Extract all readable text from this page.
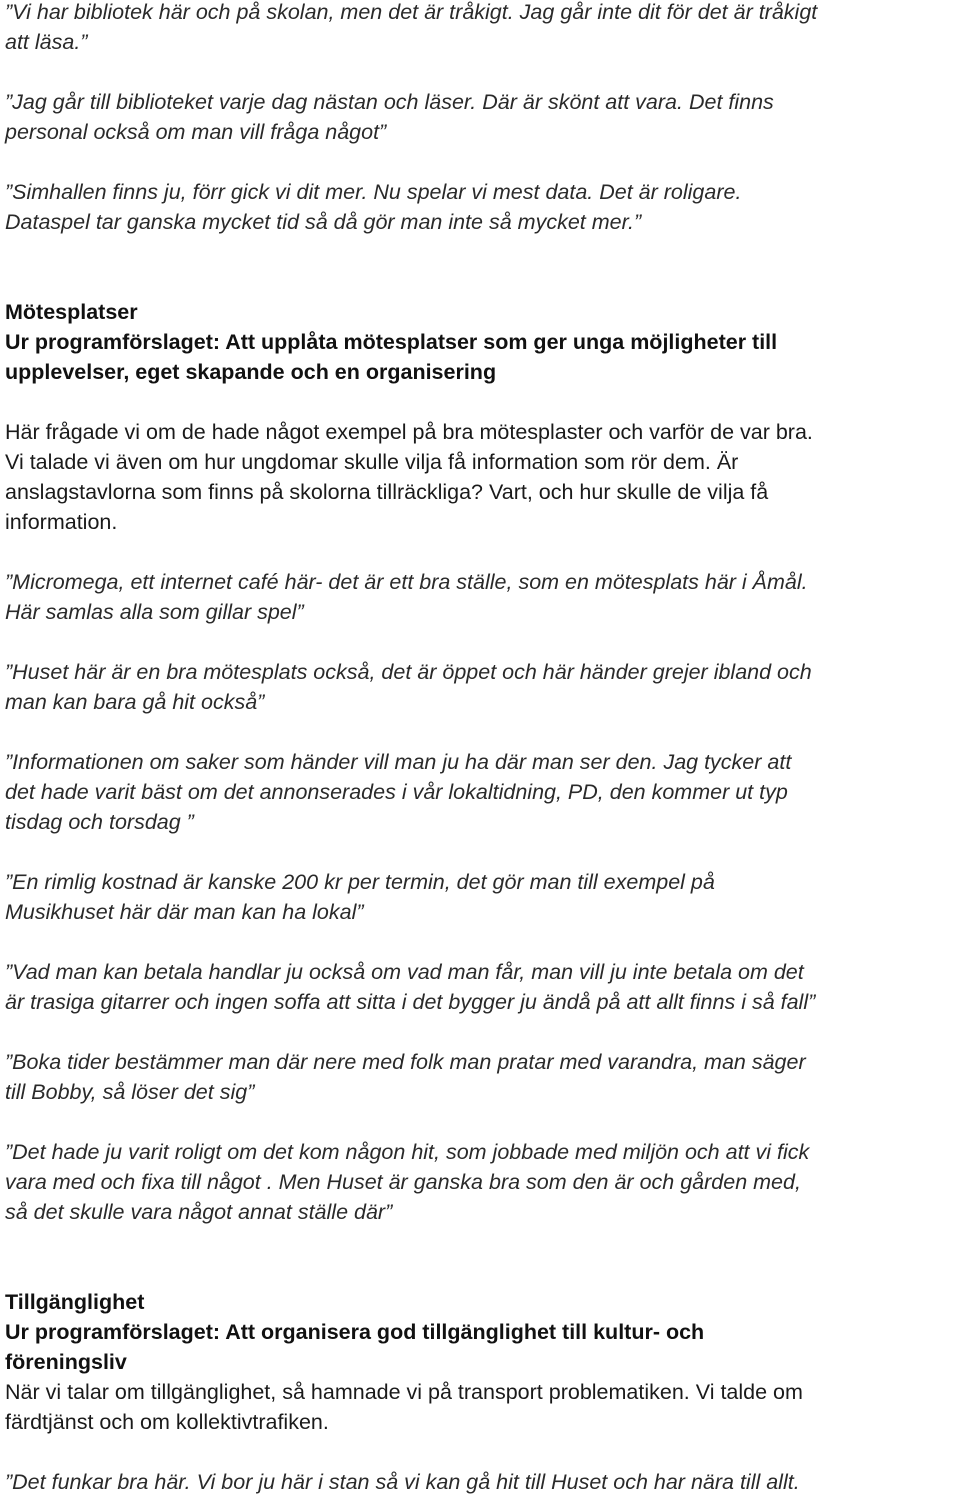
”Vi har bibliotek här och på skolan, men det är tråkigt. Jag går inte dit för det är tråkigt
att läsa.”
”Jag går till biblioteket varje dag nästan och läser. Där är skönt att vara. Det finns
personal också om man vill fråga något”
”Simhallen finns ju, förr gick vi dit mer. Nu spelar vi mest data. Det är roligare.
Dataspel tar ganska mycket tid så då gör man inte så mycket mer.”
Mötesplatser
Ur programförslaget: Att upplåta mötesplatser som ger unga möjligheter till
upplevelser, eget skapande och en organisering
Här frågade vi om de hade något exempel på bra mötesplaster och varför de var bra.
Vi talade vi även om hur ungdomar skulle vilja få information som rör dem. Är
anslagstavlorna som finns på skolorna tillräckliga? Vart, och hur skulle de vilja få
information.
”Micromega, ett internet café här- det är ett bra ställe, som en mötesplats här i Åmål.
Här samlas alla som gillar spel”
”Huset här är en bra mötesplats också, det är öppet och här händer grejer ibland och
man kan bara gå hit också”
”Informationen om saker som händer vill man ju ha där man ser den. Jag tycker att
det hade varit bäst om det annonserades i vår lokaltidning, PD, den kommer ut typ
tisdag och torsdag ”
”En rimlig kostnad är kanske 200 kr per termin, det gör man till exempel på
Musikhuset här där man kan ha lokal”
”Vad man kan betala handlar ju också om vad man får, man vill ju inte betala om det
är trasiga gitarrer och ingen soffa att sitta i det bygger ju ändå på att allt finns i så fall”
”Boka tider bestämmer man där nere med folk man pratar med varandra, man säger
till Bobby, så löser det sig”
”Det hade ju varit roligt om det kom någon hit, som jobbade med miljön och att vi fick
vara med och fixa till något . Men Huset är ganska bra som den är och gården med,
så det skulle vara något annat ställe där”
Tillgänglighet
Ur programförslaget: Att organisera god tillgänglighet till kultur- och
föreningsliv
När vi talar om tillgänglighet, så hamnade vi på transport problematiken. Vi talde om
färdtjänst och om kollektivtrafiken.
”Det funkar bra här. Vi bor ju här i stan så vi kan gå hit till Huset och har nära till allt.
